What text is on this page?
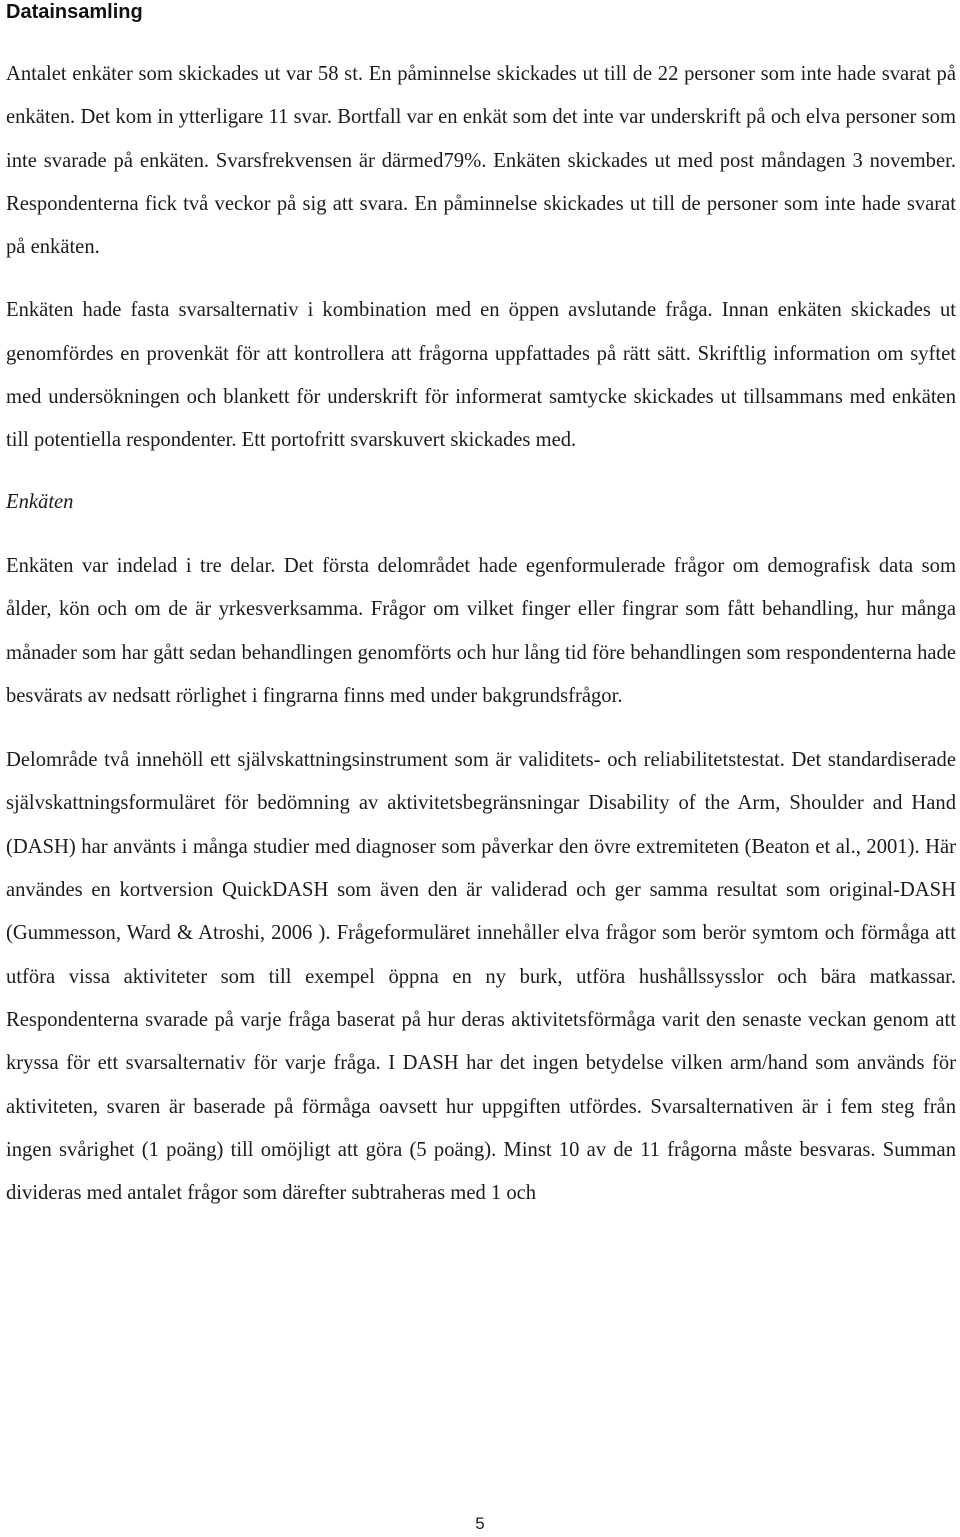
Datainsamling

Antalet enkäter som skickades ut var 58 st. En påminnelse skickades ut till de 22 personer som inte hade svarat på enkäten. Det kom in ytterligare 11 svar. Bortfall var en enkät som det inte var underskrift på och elva personer som inte svarade på enkäten. Svarsfrekvensen är därmed79%. Enkäten skickades ut med post måndagen 3 november. Respondenterna fick två veckor på sig att svara. En påminnelse skickades ut till de personer som inte hade svarat på enkäten.

Enkäten hade fasta svarsalternativ i kombination med en öppen avslutande fråga. Innan enkäten skickades ut genomfördes en provenkät för att kontrollera att frågorna uppfattades på rätt sätt. Skriftlig information om syftet med undersökningen och blankett för underskrift för informerat samtycke skickades ut tillsammans med enkäten till potentiella respondenter. Ett portofritt svarskuvert skickades med.

Enkäten

Enkäten var indelad i tre delar. Det första delområdet hade egenformulerade frågor om demografisk data som ålder, kön och om de är yrkesverksamma. Frågor om vilket finger eller fingrar som fått behandling, hur många månader som har gått sedan behandlingen genomförts och hur lång tid före behandlingen som respondenterna hade besvärats av nedsatt rörlighet i fingrarna finns med under bakgrundsfrågor.

Delområde två innehöll ett självskattningsinstrument som är validitets- och reliabilitetstestat. Det standardiserade självskattningsformuläret för bedömning av aktivitetsbegränsningar Disability of the Arm, Shoulder and Hand (DASH) har använts i många studier med diagnoser som påverkar den övre extremiteten (Beaton et al., 2001). Här användes en kortversion QuickDASH som även den är validerad och ger samma resultat som original-DASH (Gummesson, Ward & Atroshi, 2006 ). Frågeformuläret innehåller elva frågor som berör symtom och förmåga att utföra vissa aktiviteter som till exempel öppna en ny burk, utföra hushållssysslor och bära matkassar. Respondenterna svarade på varje fråga baserat på hur deras aktivitetsförmåga varit den senaste veckan genom att kryssa för ett svarsalternativ för varje fråga. I DASH har det ingen betydelse vilken arm/hand som används för aktiviteten, svaren är baserade på förmåga oavsett hur uppgiften utfördes. Svarsalternativen är i fem steg från ingen svårighet (1 poäng) till omöjligt att göra (5 poäng). Minst 10 av de 11 frågorna måste besvaras. Summan divideras med antalet frågor som därefter subtraheras med 1 och

5
